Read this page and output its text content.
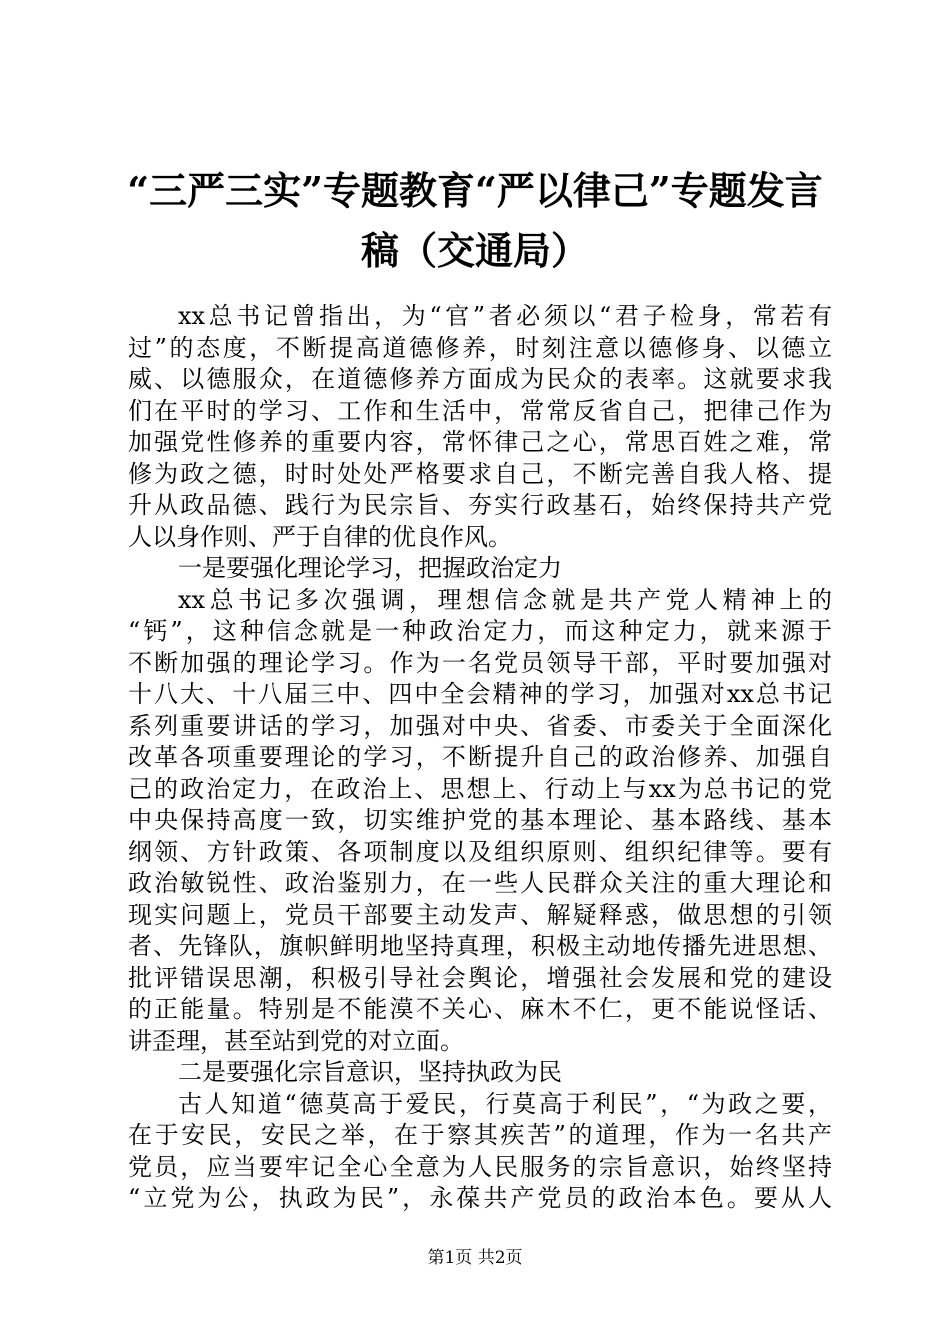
“三严三实”专题教育“严以律己”专题发言
稿（交通局）
xx总书记曾指出，为“官”者必须以“君子检身，常若有
过”的态度，不断提高道德修养，时刻注意以德修身、以德立
威、以德服众，在道德修养方面成为民众的表率。这就要求我
们在平时的学习、工作和生活中，常常反省自己，把律己作为
加强党性修养的重要内容，常怀律己之心，常思百姓之难，常
修为政之德，时时处处严格要求自己，不断完善自我人格、提
升从政品德、践行为民宗旨、夯实行政基石，始终保持共产党
人以身作则、严于自律的优良作风。
一是要强化理论学习，把握政治定力
xx总书记多次强调，理想信念就是共产党人精神上的
“钙”，这种信念就是一种政治定力，而这种定力，就来源于
不断加强的理论学习。作为一名党员领导干部，平时要加强对
十八大、十八届三中、四中全会精神的学习，加强对xx总书记
系列重要讲话的学习，加强对中央、省委、市委关于全面深化
改革各项重要理论的学习，不断提升自己的政治修养、加强自
己的政治定力，在政治上、思想上、行动上与xx为总书记的党
中央保持高度一致，切实维护党的基本理论、基本路线、基本
纲领、方针政策、各项制度以及组织原则、组织纪律等。要有
政治敏锐性、政治鉴别力，在一些人民群众关注的重大理论和
现实问题上，党员干部要主动发声、解疑释惑，做思想的引领
者、先锋队，旗帜鲜明地坚持真理，积极主动地传播先进思想、
批评错误思潮，积极引导社会舆论，增强社会发展和党的建设
的正能量。特别是不能漠不关心、麻木不仁，更不能说怪话、
讲歪理，甚至站到党的对立面。
二是要强化宗旨意识，坚持执政为民
古人知道“德莫高于爱民，行莫高于利民”，“为政之要，
在于安民，安民之举，在于察其疾苦”的道理，作为一名共产
党员，应当要牢记全心全意为人民服务的宗旨意识，始终坚持
“立党为公，执政为民”，永葆共产党员的政治本色。要从人
第1页 共2页
